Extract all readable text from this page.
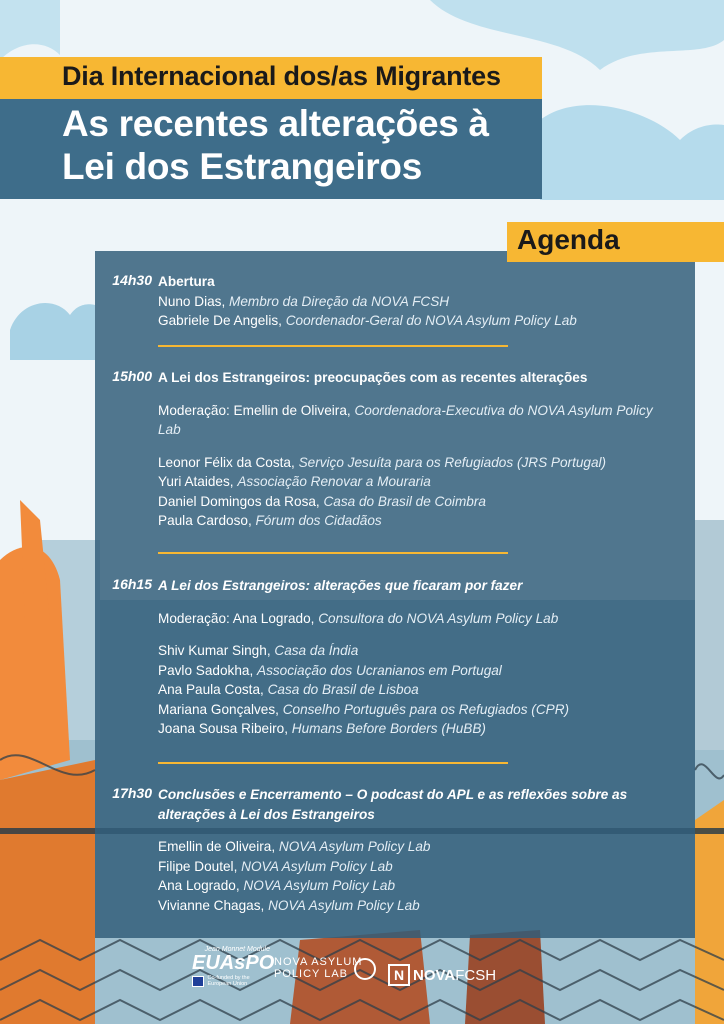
Dia Internacional dos/as Migrantes
As recentes alterações à
Lei dos Estrangeiros
Agenda
14h30 Abertura
Nuno Dias, Membro da Direção da NOVA FCSH
Gabriele De Angelis, Coordenador-Geral do NOVA Asylum Policy Lab
15h00 A Lei dos Estrangeiros: preocupações com as recentes alterações
Moderação: Emellin de Oliveira, Coordenadora-Executiva do NOVA Asylum Policy Lab
Leonor Félix da Costa, Serviço Jesuíta para os Refugiados (JRS Portugal)
Yuri Ataides, Associação Renovar a Mouraria
Daniel Domingos da Rosa, Casa do Brasil de Coimbra
Paula Cardoso, Fórum dos Cidadãos
16h15 A Lei dos Estrangeiros: alterações que ficaram por fazer
Moderação: Ana Logrado, Consultora do NOVA Asylum Policy Lab
Shiv Kumar Singh, Casa da Índia
Pavlo Sadokha, Associação dos Ucranianos em Portugal
Ana Paula Costa, Casa do Brasil de Lisboa
Mariana Gonçalves, Conselho Português para os Refugiados (CPR)
Joana Sousa Ribeiro, Humans Before Borders (HuBB)
17h30 Conclusões e Encerramento – O podcast do APL e as reflexões sobre as alterações à Lei dos Estrangeiros
Emellin de Oliveira, NOVA Asylum Policy Lab
Filipe Doutel, NOVA Asylum Policy Lab
Ana Logrado, NOVA Asylum Policy Lab
Vivianne Chagas, NOVA Asylum Policy Lab
Jean Monnet Module
EUAsPO
Co-funded by the European Union
NOVA ASYLUM
POLICY LAB	N NOVA FCSH
